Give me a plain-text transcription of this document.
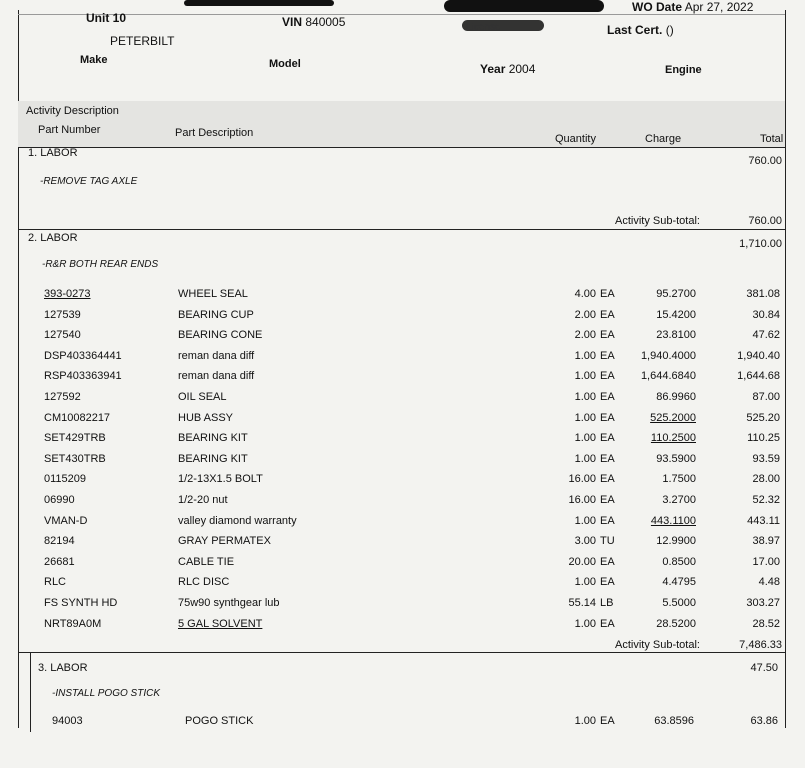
Unit 10	VIN 840005	License
WO Date Apr 27, 2022
Last Cert. ()
PETERBILT
Make	Model	Year 2004	Engine
Activity Description
Part Number	Part Description	Quantity	Charge	Total
1. LABOR
760.00
-REMOVE TAG AXLE
Activity Sub-total:	760.00
2. LABOR	1,710.00
-R&R BOTH REAR ENDS
393-0273	WHEEL SEAL	4.00 EA	95.2700	381.08
127539	BEARING CUP	2.00 EA	15.4200	30.84
127540	BEARING CONE	2.00 EA	23.8100	47.62
DSP403364441	reman dana diff	1.00 EA 1,940.4000	1,940.40
RSP403363941	reman dana diff	1.00 EA 1,644.6840	1,644.68
127592	OIL SEAL	1.00 EA	86.9960	87.00
CM10082217	HUB ASSY	1.00 EA	525.2000	525.20
SET429TRB	BEARING KIT	1.00 EA	110.2500	110.25
SET430TRB	BEARING KIT	1.00 EA	93.5900	93.59
0115209	1/2-13X1.5 BOLT	16.00 EA	1.7500	28.00
06990	1/2-20 nut	16.00 EA	3.2700	52.32
VMAN-D	valley diamond warranty	1.00 EA	443.1100	443.11
82194	GRAY PERMATEX	3.00 TU	12.9900	38.97
26681	CABLE TIE	20.00 EA	0.8500	17.00
RLC	RLC DISC	1.00 EA	4.4795	4.48
FS SYNTH HD	75w90 synthgear lub	55.14 LB	5.5000	303.27
NRT89A0M	5 GAL SOLVENT	1.00 EA	28.5200	28.52
Activity Sub-total:	7,486.33
3. LABOR	47.50
-INSTALL POGO STICK
94003	POGO STICK	1.00 EA	63.8596	63.86
